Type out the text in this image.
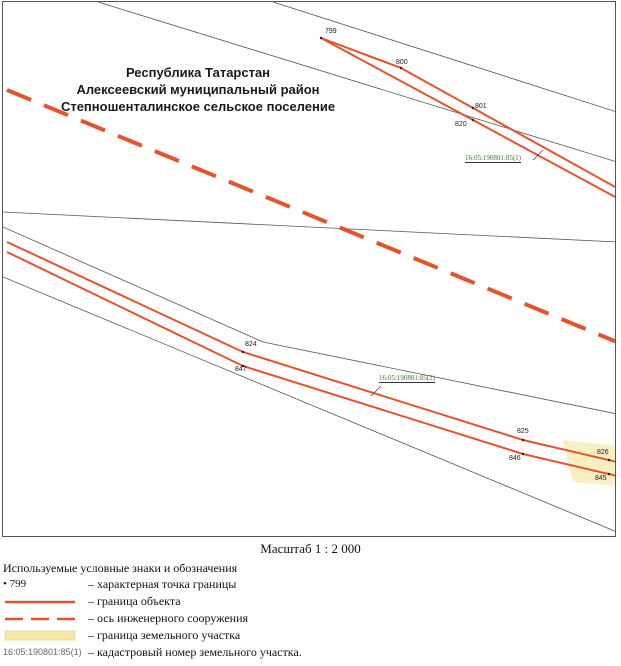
Республика Татарстан
Алексеевский муниципальный район
Степношенталинское сельское поселение
799
800
801
820
824
847
825
846
826
845
16:05:190801:85(1)
16:05:190801:85(2)
Масштаб 1 : 2 000
Используемые условные знаки и обозначения
• 799	– характерная точка границы
– граница объекта
– ось инженерного сооружения
– граница земельного участка
16:05:190801:85(1) – кадастровый номер земельного участка.
